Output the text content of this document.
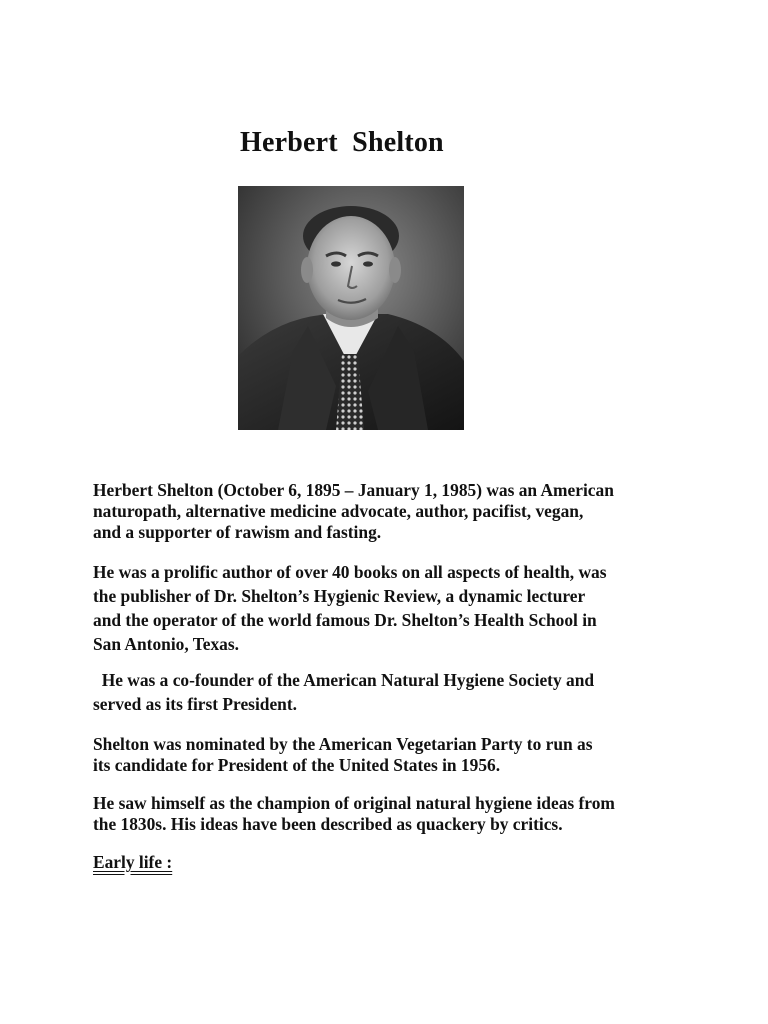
Herbert  Shelton

Herbert Shelton (October 6, 1895 – January 1, 1985) was an American
naturopath, alternative medicine advocate, author, pacifist, vegan,
and a supporter of rawism and fasting.

He was a prolific author of over 40 books on all aspects of health, was
the publisher of Dr. Shelton’s Hygienic Review, a dynamic lecturer
and the operator of the world famous Dr. Shelton’s Health School in
San Antonio, Texas.

He was a co-founder of the American Natural Hygiene Society and
served as its first President.

Shelton was nominated by the American Vegetarian Party to run as
its candidate for President of the United States in 1956.

He saw himself as the champion of original natural hygiene ideas from
the 1830s. His ideas have been described as quackery by critics.

Early life :
